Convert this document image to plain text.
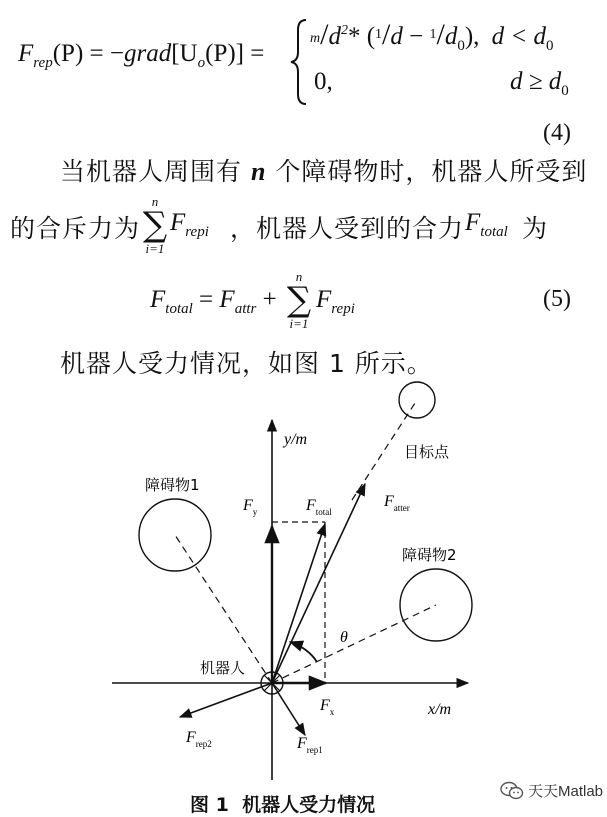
$F_{rep}(P)$ = $-grad[U_o(P)]$ =
$m/d^2*$ $(^1/d - ^1/d_0)$, $d < d_0$
0,	$d \ge d_0$
(4)
当机器人周围有 n 个障碍物时，机器人所受到
的合斥力为
n
∑
i=1
$F_{repi}$ ，机器人受到的合力 $F_{total}$ 为
$F_{total} = F_{attr}$ +
n
∑
i=1
$F_{repi}$	(5)
机器人受力情况，如图 1 所示。
y/m
x/m
目标点
障碍物1
障碍物2
机器人
θ
$F_y$	$F_{total}$
$F_{atter}$
$F_x$
$F_{rep2}$	$F_{rep1}$
图 1  机器人受力情况
天天Matlab
